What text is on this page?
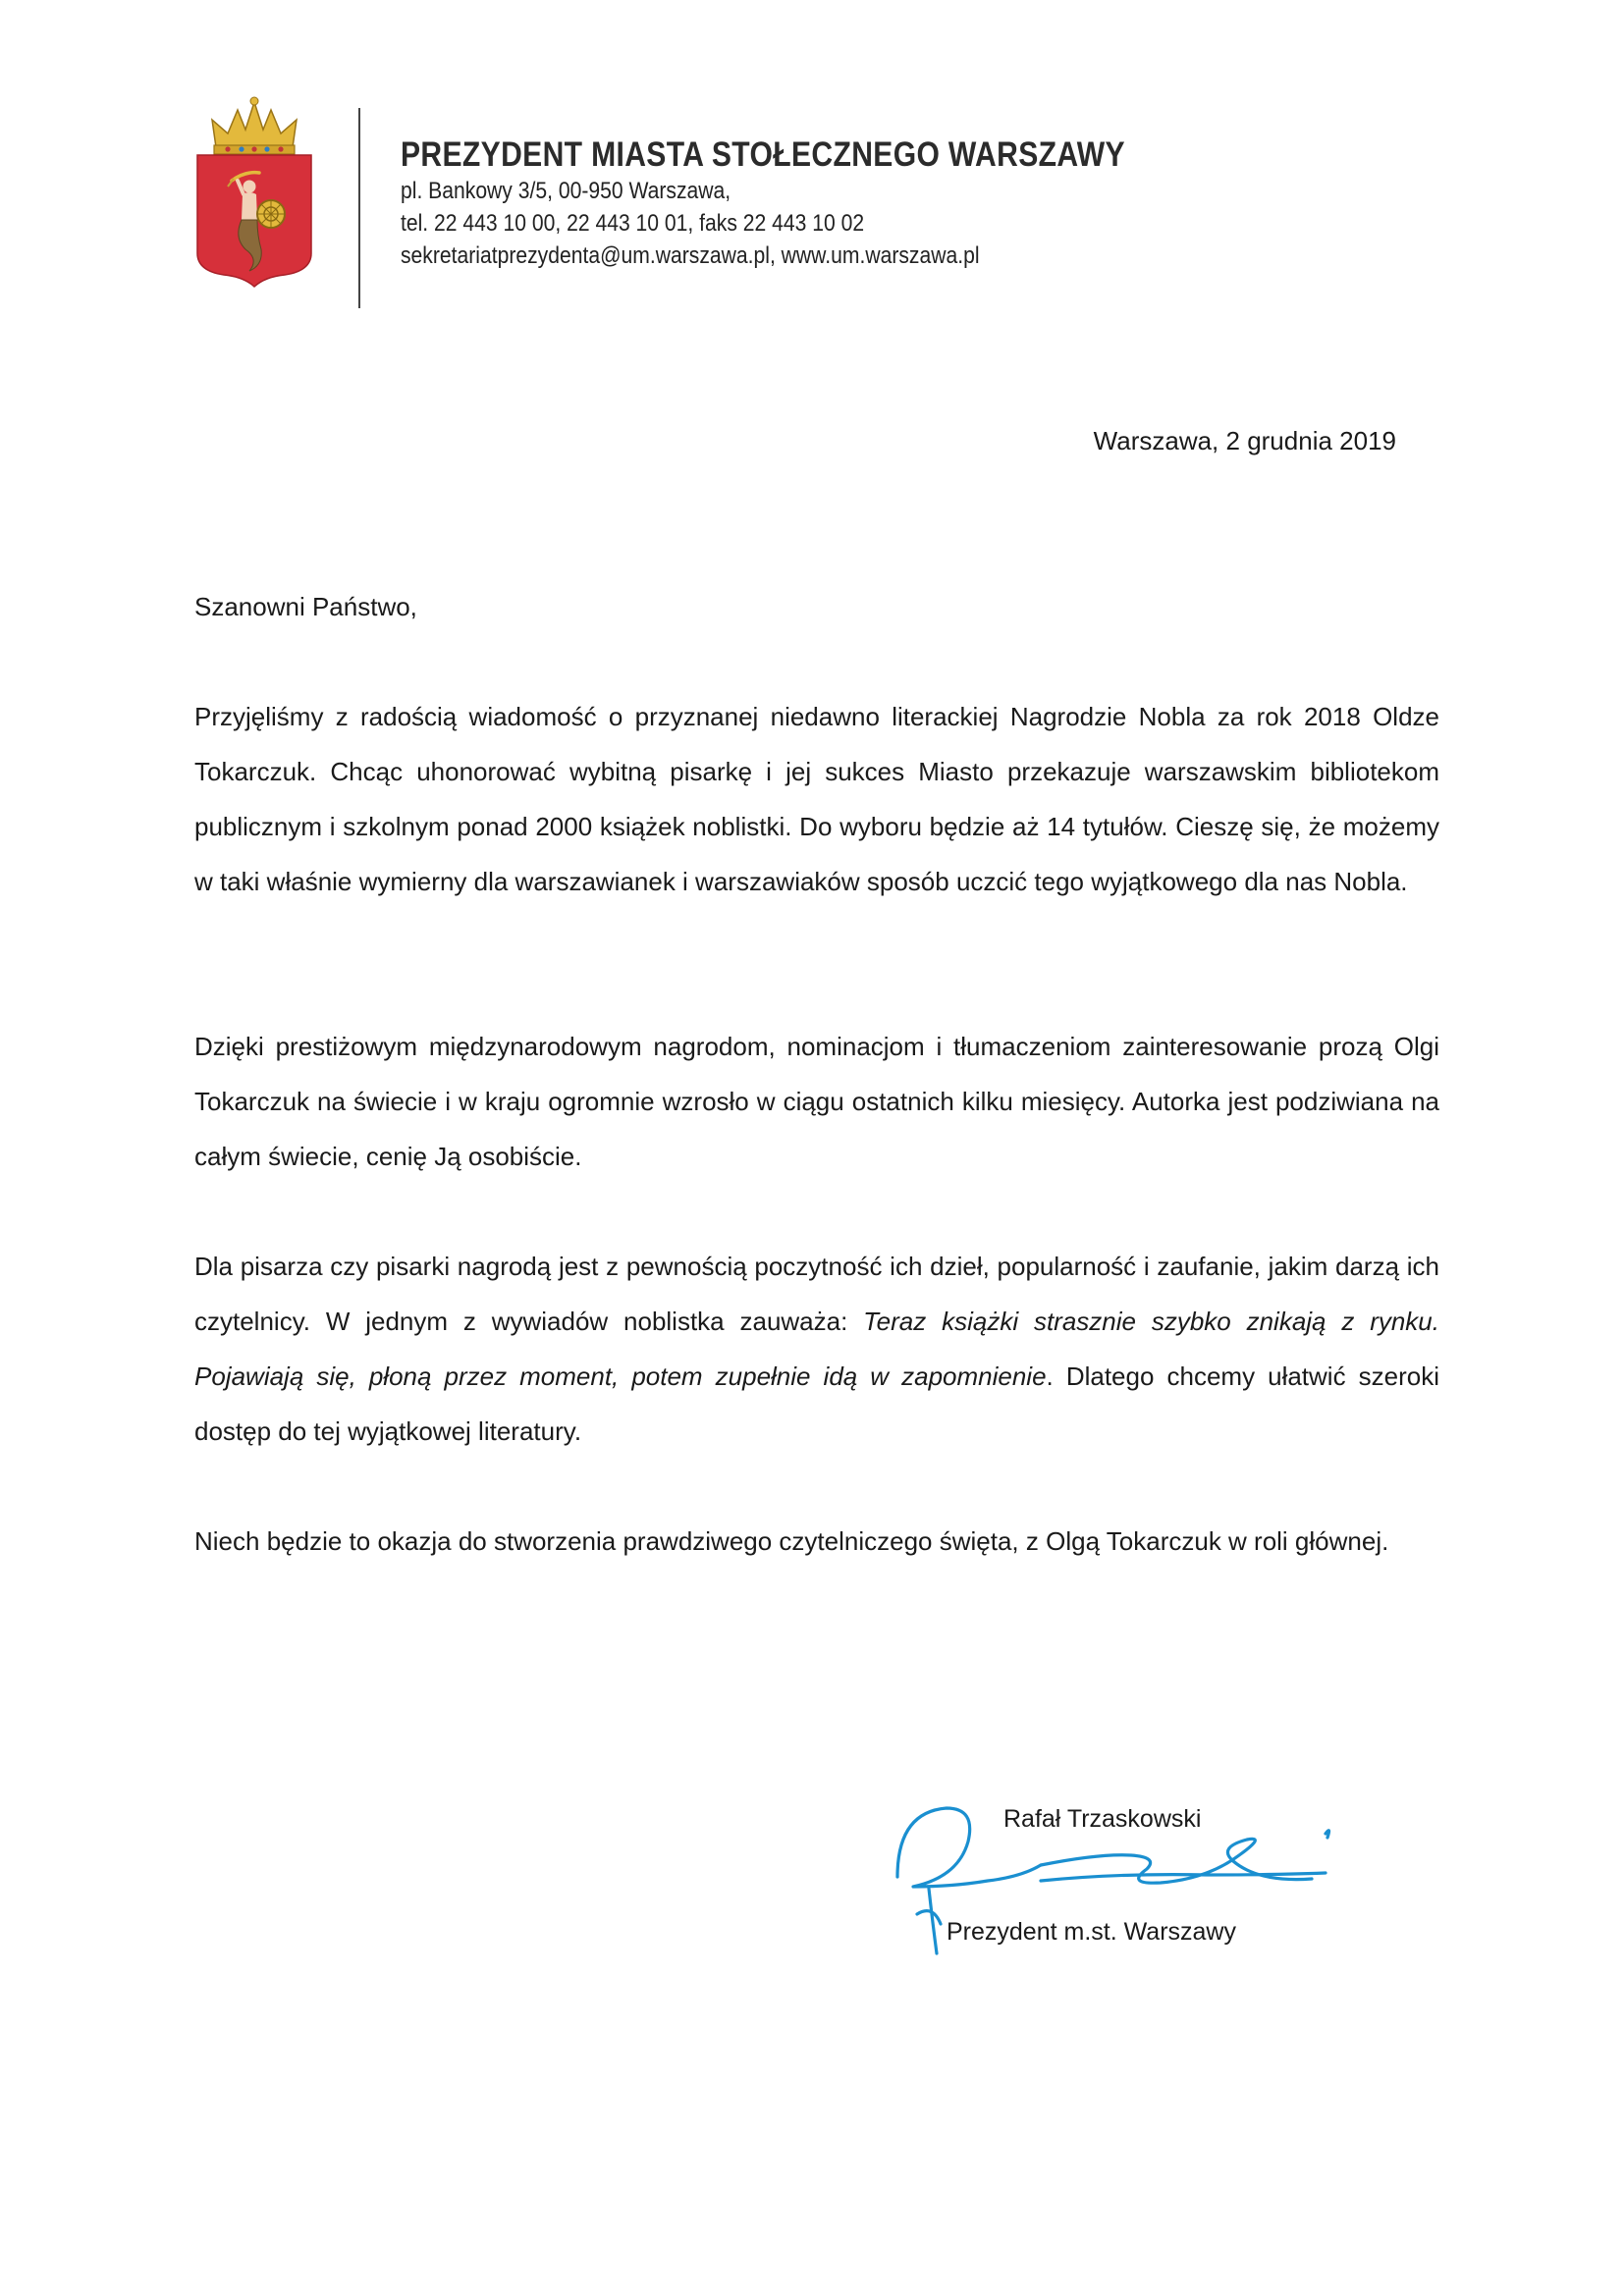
PREZYDENT MIASTA STOŁECZNEGO WARSZAWY
pl. Bankowy 3/5, 00-950 Warszawa,
tel. 22 443 10 00, 22 443 10 01, faks 22 443 10 02
sekretariatprezydenta@um.warszawa.pl, www.um.warszawa.pl
Warszawa, 2 grudnia 2019
Szanowni Państwo,
Przyjęliśmy z radością wiadomość o przyznanej niedawno literackiej Nagrodzie Nobla za rok 2018 Oldze Tokarczuk. Chcąc uhonorować wybitną pisarkę i jej sukces Miasto przekazuje warszawskim bibliotekom publicznym i szkolnym ponad 2000 książek noblistki. Do wyboru będzie aż 14 tytułów. Cieszę się, że możemy w taki właśnie wymierny dla warszawianek i warszawiaków sposób uczcić tego wyjątkowego dla nas Nobla.
Dzięki prestiżowym międzynarodowym nagrodom, nominacjom i tłumaczeniom zainteresowanie prozą Olgi Tokarczuk na świecie i w kraju ogromnie wzrosło w ciągu ostatnich kilku miesięcy. Autorka jest podziwiana na całym świecie, cenię Ją osobiście.
Dla pisarza czy pisarki nagrodą jest z pewnością poczytność ich dzieł, popularność i zaufanie, jakim darzą ich czytelnicy. W jednym z wywiadów noblistka zauważa: Teraz książki strasznie szybko znikają z rynku. Pojawiają się, płoną przez moment, potem zupełnie idą w zapomnienie. Dlatego chcemy ułatwić szeroki dostęp do tej wyjątkowej literatury.
Niech będzie to okazja do stworzenia prawdziwego czytelniczego święta, z Olgą Tokarczuk w roli głównej.
Rafał Trzaskowski
Prezydent m.st. Warszawy
